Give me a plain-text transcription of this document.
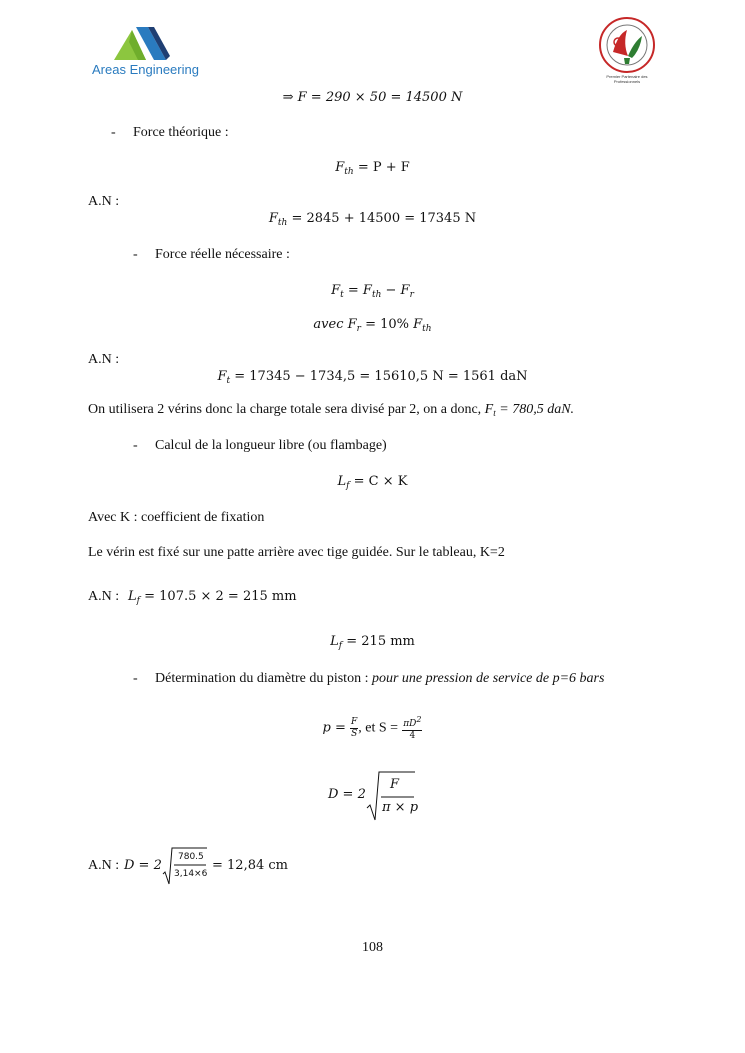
Areas Engineering	Premier Partenaire des Professionnels
⇒ F = 290 × 50 = 14500 N
- Force théorique :
$F_{th} = P + F$
A.N :
$F_{th} = 2845 + 14500 = 17345$ N
- Force réelle nécessaire :
$F_t = F_{th} - F_r$
avec $F_r = 10\%$ $F_{th}$
A.N :
$F_t = 17345 - 1734,5 = 15610,5$ N = 1561 daN
On utilisera 2 vérins donc la charge totale sera divisé par 2, on a donc, $F_t = 780,5$ daN.
- Calcul de la longueur libre (ou flambage)
$L_f = C \times K$
Avec K : coefficient de fixation
Le vérin est fixé sur une patte arrière avec tige guidée. Sur le tableau, K=2
A.N : $L_f = 107.5 \times 2 = 215$ mm
$L_f = 215$ mm
- Détermination du diamètre du piston : pour une pression de service de p=6 bars
$p = \frac{F}{S}$ , et $S = \frac{\pi D^2}{4}$
D = 2
F
π × p
A.N : D = 2
780.5
3,14×6
= 12,84 cm
108
